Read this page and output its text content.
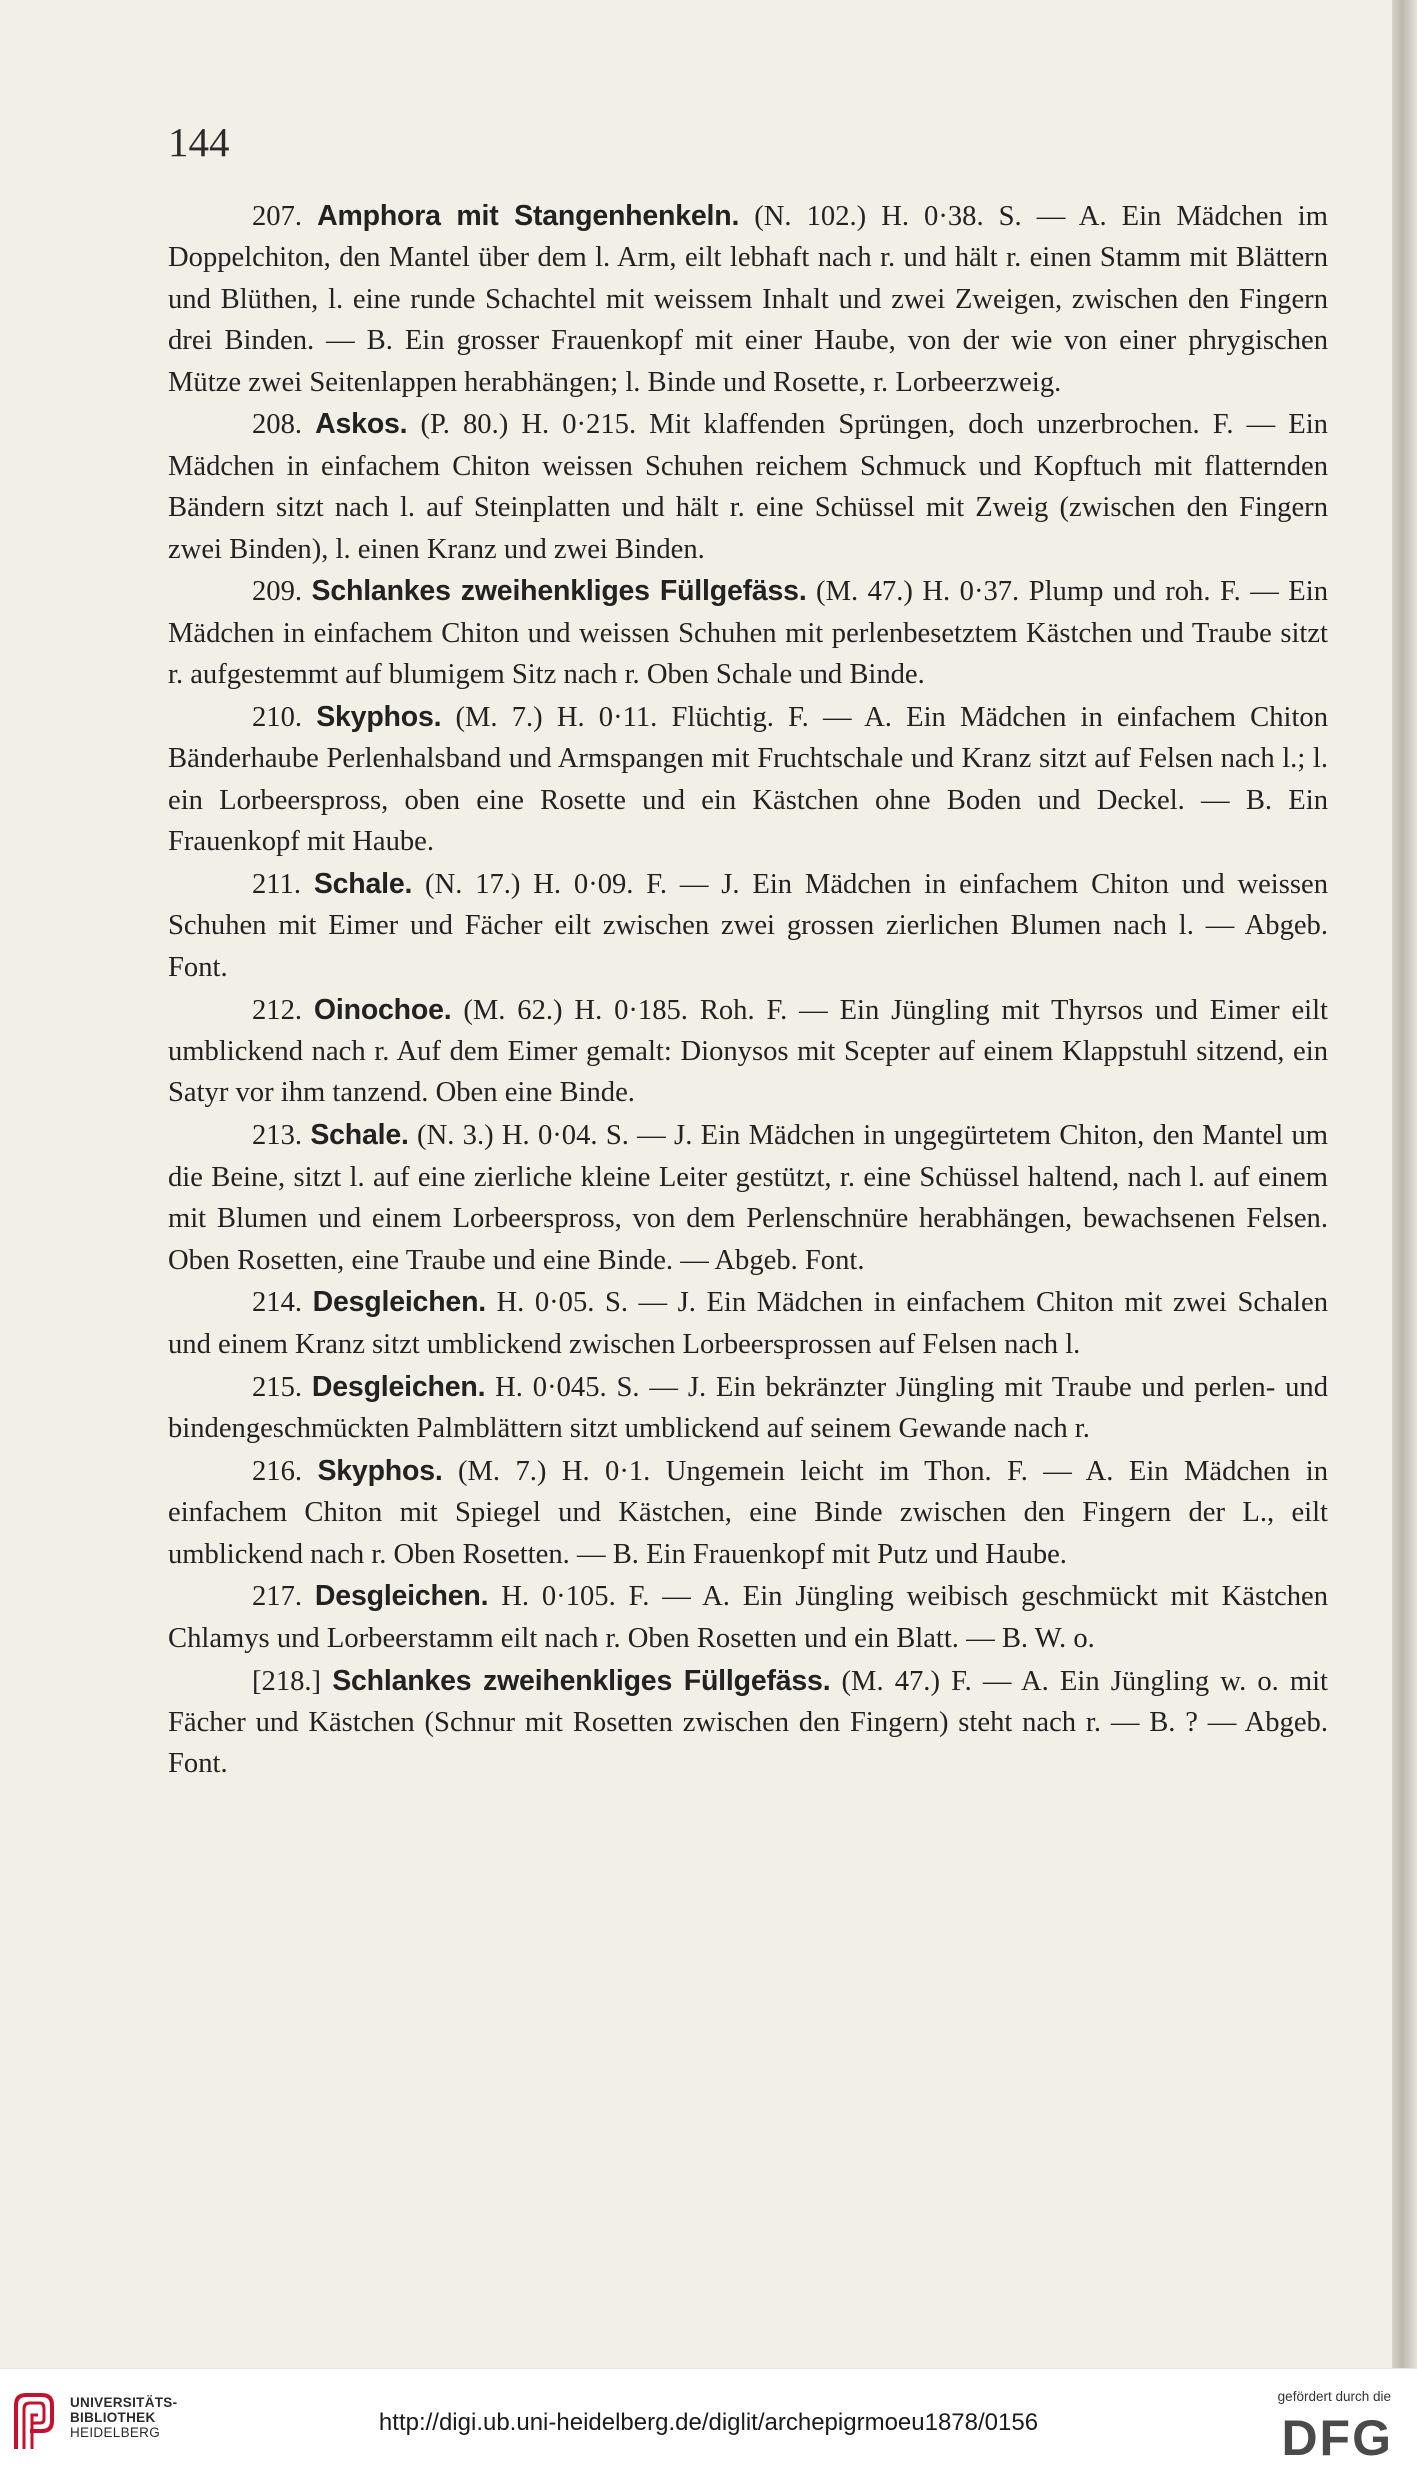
144

207. Amphora mit Stangenhenkeln. (N. 102.) H. 0·38. S. — A. Ein Mädchen im Doppelchiton, den Mantel über dem l. Arm, eilt lebhaft nach r. und hält r. einen Stamm mit Blättern und Blüthen, l. eine runde Schachtel mit weissem Inhalt und zwei Zweigen, zwischen den Fingern drei Binden. — B. Ein grosser Frauenkopf mit einer Haube, von der wie von einer phrygischen Mütze zwei Seitenlappen herabhängen; l. Binde und Rosette, r. Lorbeerzweig.

208. Askos. (P. 80.) H. 0·215. Mit klaffenden Sprüngen, doch unzerbrochen. F. — Ein Mädchen in einfachem Chiton weissen Schuhen reichem Schmuck und Kopftuch mit flatternden Bändern sitzt nach l. auf Steinplatten und hält r. eine Schüssel mit Zweig (zwischen den Fingern zwei Binden), l. einen Kranz und zwei Binden.

209. Schlankes zweihenkliges Füllgefäss. (M. 47.) H. 0·37. Plump und roh. F. — Ein Mädchen in einfachem Chiton und weissen Schuhen mit perlenbesetztem Kästchen und Traube sitzt r. aufgestemmt auf blumigem Sitz nach r. Oben Schale und Binde.

210. Skyphos. (M. 7.) H. 0·11. Flüchtig. F. — A. Ein Mädchen in einfachem Chiton Bänderhaube Perlenhalsband und Armspangen mit Fruchtschale und Kranz sitzt auf Felsen nach l.; l. ein Lorbeerspross, oben eine Rosette und ein Kästchen ohne Boden und Deckel. — B. Ein Frauenkopf mit Haube.

211. Schale. (N. 17.) H. 0·09. F. — J. Ein Mädchen in einfachem Chiton und weissen Schuhen mit Eimer und Fächer eilt zwischen zwei grossen zierlichen Blumen nach l. — Abgeb. Font.

212. Oinochoe. (M. 62.) H. 0·185. Roh. F. — Ein Jüngling mit Thyrsos und Eimer eilt umblickend nach r. Auf dem Eimer gemalt: Dionysos mit Scepter auf einem Klappstuhl sitzend, ein Satyr vor ihm tanzend. Oben eine Binde.

213. Schale. (N. 3.) H. 0·04. S. — J. Ein Mädchen in ungegürtetem Chiton, den Mantel um die Beine, sitzt l. auf eine zierliche kleine Leiter gestützt, r. eine Schüssel haltend, nach l. auf einem mit Blumen und einem Lorbeerspross, von dem Perlenschnüre herabhängen, bewachsenen Felsen. Oben Rosetten, eine Traube und eine Binde. — Abgeb. Font.

214. Desgleichen. H. 0·05. S. — J. Ein Mädchen in einfachem Chiton mit zwei Schalen und einem Kranz sitzt umblickend zwischen Lorbeersprossen auf Felsen nach l.

215. Desgleichen. H. 0·045. S. — J. Ein bekränzter Jüngling mit Traube und perlen- und bindengeschmückten Palmblättern sitzt umblickend auf seinem Gewande nach r.

216. Skyphos. (M. 7.) H. 0·1. Ungemein leicht im Thon. F. — A. Ein Mädchen in einfachem Chiton mit Spiegel und Kästchen, eine Binde zwischen den Fingern der L., eilt umblickend nach r. Oben Rosetten. — B. Ein Frauenkopf mit Putz und Haube.

217. Desgleichen. H. 0·105. F. — A. Ein Jüngling weibisch geschmückt mit Kästchen Chlamys und Lorbeerstamm eilt nach r. Oben Rosetten und ein Blatt. — B. W. o.

[218.] Schlankes zweihenkliges Füllgefäss. (M. 47.) F. — A. Ein Jüngling w. o. mit Fächer und Kästchen (Schnur mit Rosetten zwischen den Fingern) steht nach r. — B. ? — Abgeb. Font.

UNIVERSITÄTS-
BIBLIOTHEK
HEIDELBERG	http://digi.ub.uni-heidelberg.de/diglit/archepigrmoeu1878/0156
gefördert durch die
DFG
